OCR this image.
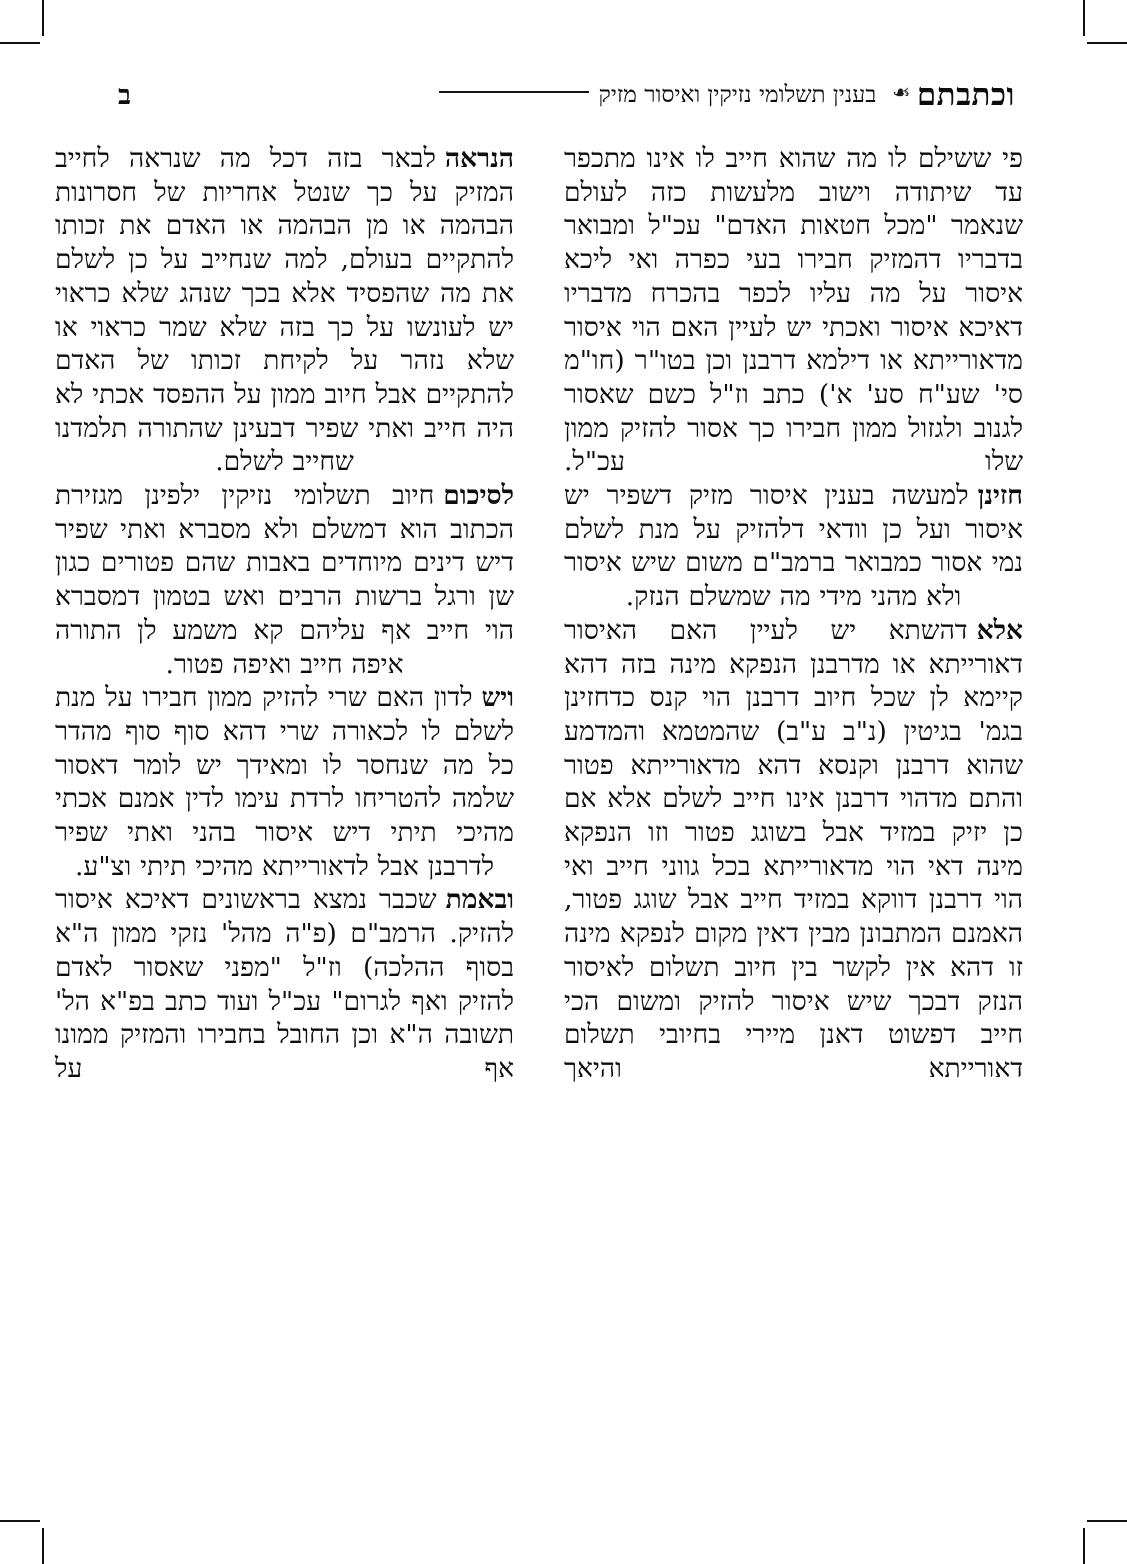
וכתבתם
❧
בענין תשלומי נזיקין ואיסור מזיק
ב

פי ששילם לו מה שהוא חייב לו אינו מתכפר עד שיתודה וישוב מלעשות כזה לעולם שנאמר "מכל חטאות האדם" עכ"ל ומבואר בדבריו דהמזיק חבירו בעי כפרה ואי ליכא איסור על מה עליו לכפר בהכרח מדבריו דאיכא איסור ואכתי יש לעיין האם הוי איסור מדאורייתא או דילמא דרבנן וכן בטו"ר (חו"מ סי' שע"ח סע' א') כתב וז"ל כשם שאסור לגנוב ולגזול ממון חבירו כך אסור להזיק ממון שלו עכ"ל.

חזינןלמעשה בענין איסור מזיק דשפיר יש איסור ועל כן וודאי דלהזיק על מנת לשלם נמי אסור כמבואר ברמב"ם משום שיש איסור ולא מהני מידי מה שמשלם הנזק.

אלאדהשתא יש לעיין האם האיסור דאורייתא או מדרבנן הנפקא מינה בזה דהא קיימא לן שכל חיוב דרבנן הוי קנס כדחזינן בגמ' בגיטין (נ"ב ע"ב) שהמטמא והמדמע שהוא דרבנן וקנסא דהא מדאורייתא פטור והתם מדהוי דרבנן אינו חייב לשלם אלא אם כן יזיק במזיד אבל בשוגג פטור וזו הנפקא מינה דאי הוי מדאורייתא בכל גווני חייב ואי הוי דרבנן דווקא במזיד חייב אבל שוגג פטור, האמנם המתבונן מבין דאין מקום לנפקא מינה זו דהא אין לקשר בין חיוב תשלום לאיסור הנזק דבכך שיש איסור להזיק ומשום הכי חייב דפשוט דאנן מיירי בחיובי תשלום דאורייתא והיאך

הנראהלבאר בזה דכל מה שנראה לחייב המזיק על כך שנטל אחריות של חסרונות הבהמה או מן הבהמה או האדם את זכותו להתקיים בעולם, למה שנחייב על כן לשלם את מה שהפסיד אלא בכך שנהג שלא כראוי יש לעונשו על כך בזה שלא שמר כראוי או שלא נזהר על לקיחת זכותו של האדם להתקיים אבל חיוב ממון על ההפסד אכתי לא היה חייב ואתי שפיר דבעינן שהתורה תלמדנו שחייב לשלם.

לסיכוםחיוב תשלומי נזיקין ילפינן מגזירת הכתוב הוא דמשלם ולא מסברא ואתי שפיר דיש דינים מיוחדים באבות שהם פטורים כגון שן ורגל ברשות הרבים ואש בטמון דמסברא הוי חייב אף עליהם קא משמע לן התורה איפה חייב ואיפה פטור.

וישלדון האם שרי להזיק ממון חבירו על מנת לשלם לו לכאורה שרי דהא סוף סוף מהדר כל מה שנחסר לו ומאידך יש לומר דאסור שלמה להטריחו לרדת עימו לדין אמנם אכתי מהיכי תיתי דיש איסור בהני ואתי שפיר לדרבנן אבל לדאורייתא מהיכי תיתי וצ"ע.

ובאמתשכבר נמצא בראשונים דאיכא איסור להזיק. הרמב"ם (פ"ה מהל' נזקי ממון ה"א בסוף ההלכה) וז"ל "מפני שאסור לאדם להזיק ואף לגרום" עכ"ל ועוד כתב בפ"א הל' תשובה ה"א וכן החובל בחבירו והמזיק ממונו אף על
